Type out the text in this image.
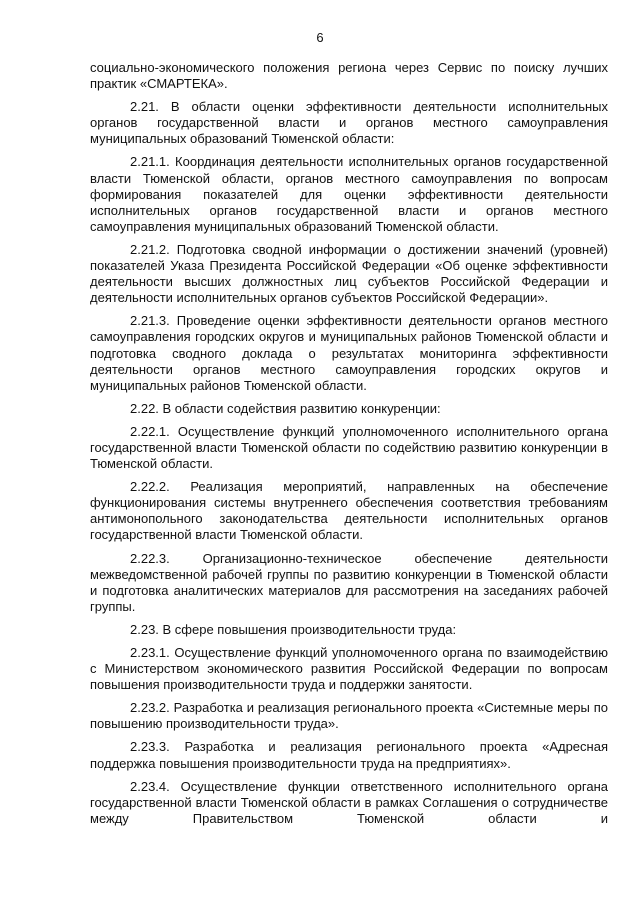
6

социально-экономического положения региона через Сервис по поиску лучших практик «СМАРТЕКА».

2.21. В области оценки эффективности деятельности исполнительных органов государственной власти и органов местного самоуправления муниципальных образований Тюменской области:

2.21.1. Координация деятельности исполнительных органов государственной власти Тюменской области, органов местного самоуправления по вопросам формирования показателей для оценки эффективности деятельности исполнительных органов государственной власти и органов местного самоуправления муниципальных образований Тюменской области.

2.21.2. Подготовка сводной информации о достижении значений (уровней) показателей Указа Президента Российской Федерации «Об оценке эффективности деятельности высших должностных лиц субъектов Российской Федерации и деятельности исполнительных органов субъектов Российской Федерации».

2.21.3. Проведение оценки эффективности деятельности органов местного самоуправления городских округов и муниципальных районов Тюменской области и подготовка сводного доклада о результатах мониторинга эффективности деятельности органов местного самоуправления городских округов и муниципальных районов Тюменской области.

2.22. В области содействия развитию конкуренции:

2.22.1. Осуществление функций уполномоченного исполнительного органа государственной власти Тюменской области по содействию развитию конкуренции в Тюменской области.

2.22.2. Реализация мероприятий, направленных на обеспечение функционирования системы внутреннего обеспечения соответствия требованиям антимонопольного законодательства деятельности исполнительных органов государственной власти Тюменской области.

2.22.3. Организационно-техническое обеспечение деятельности межведомственной рабочей группы по развитию конкуренции в Тюменской области и подготовка аналитических материалов для рассмотрения на заседаниях рабочей группы.

2.23. В сфере повышения производительности труда:

2.23.1. Осуществление функций уполномоченного органа по взаимодействию с Министерством экономического развития Российской Федерации по вопросам повышения производительности труда и поддержки занятости.

2.23.2. Разработка и реализация регионального проекта «Системные меры по повышению производительности труда».

2.23.3. Разработка и реализация регионального проекта «Адресная поддержка повышения производительности труда на предприятиях».

2.23.4. Осуществление функции ответственного исполнительного органа государственной власти Тюменской области в рамках Соглашения о сотрудничестве между Правительством Тюменской области и
